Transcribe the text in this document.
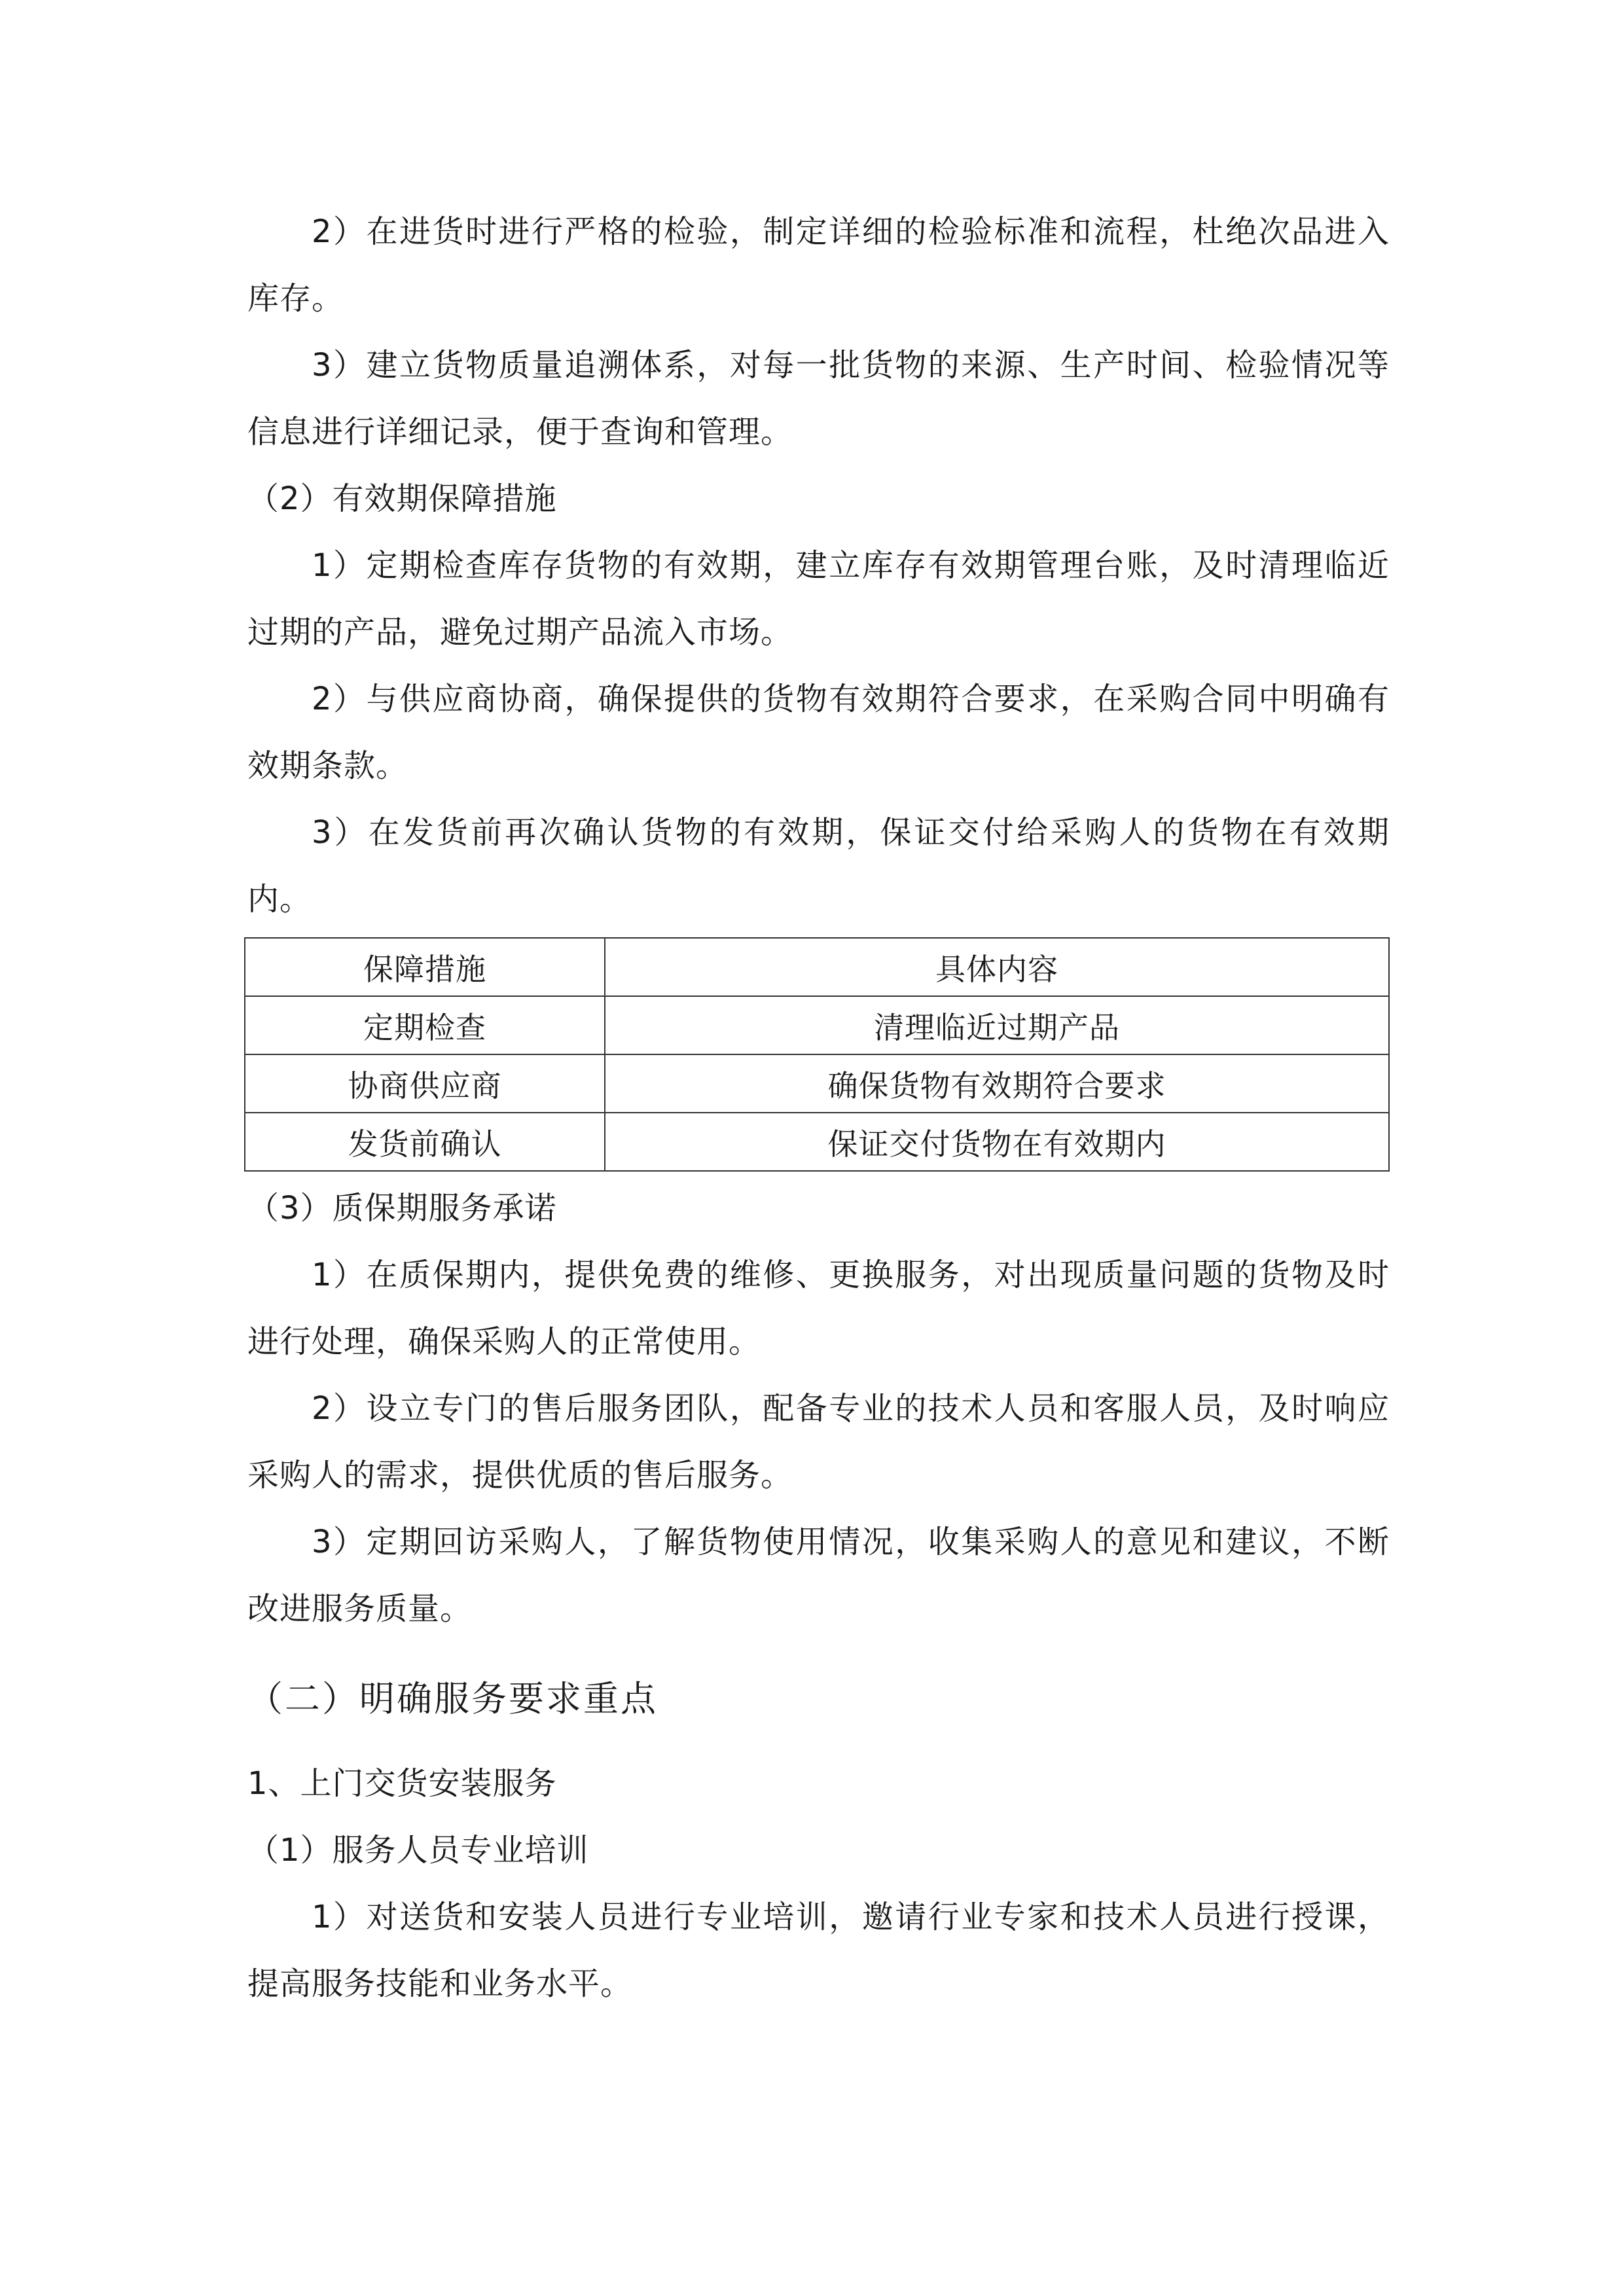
2）在进货时进行严格的检验，制定详细的检验标准和流程，杜绝次品进入库存。

3）建立货物质量追溯体系，对每一批货物的来源、生产时间、检验情况等信息进行详细记录，便于查询和管理。

（2）有效期保障措施

1）定期检查库存货物的有效期，建立库存有效期管理台账，及时清理临近过期的产品，避免过期产品流入市场。

2）与供应商协商，确保提供的货物有效期符合要求，在采购合同中明确有效期条款。

3）在发货前再次确认货物的有效期，保证交付给采购人的货物在有效期内。

保障措施	具体内容
定期检查	清理临近过期产品
协商供应商	确保货物有效期符合要求
发货前确认	保证交付货物在有效期内

（3）质保期服务承诺

1）在质保期内，提供免费的维修、更换服务，对出现质量问题的货物及时进行处理，确保采购人的正常使用。

2）设立专门的售后服务团队，配备专业的技术人员和客服人员，及时响应采购人的需求，提供优质的售后服务。

3）定期回访采购人，了解货物使用情况，收集采购人的意见和建议，不断改进服务质量。

（二）明确服务要求重点

1、上门交货安装服务

（1）服务人员专业培训

1）对送货和安装人员进行专业培训，邀请行业专家和技术人员进行授课，提高服务技能和业务水平。
